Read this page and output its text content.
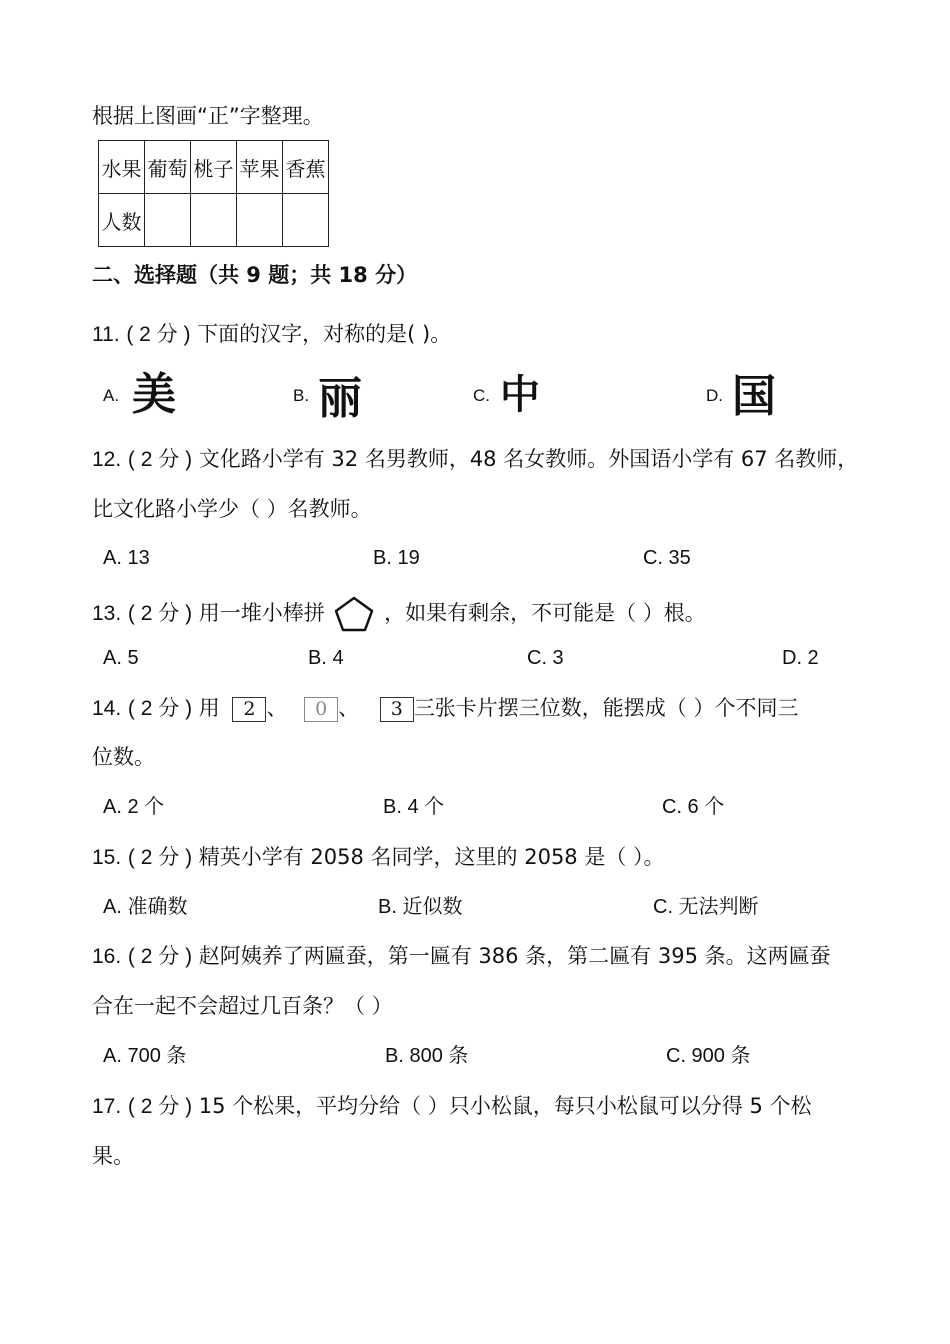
根据上图画“正”字整理。
水果	葡萄	桃子	苹果	香蕉
人数				
二、选择题（共 9 题；共 18 分）
11. ( 2 分 ) 下面的汉字，对称的是( )。
A. 美	B. 丽	C. 中	D. 国
12. ( 2 分 ) 文化路小学有 32 名男教师，48 名女教师。外国语小学有 67 名教师，
比文化路小学少（ ）名教师。
A. 13	B. 19	C. 35
13. ( 2 分 ) 用一堆小棒拼	，如果有剩余，不可能是（ ）根。
A. 5	B. 4	C. 3	D. 2
14. ( 2 分 ) 用 2 、 0 、 3 三张卡片摆三位数，能摆成（ ）个不同三
位数。
A. 2 个	B. 4 个	C. 6 个
15. ( 2 分 ) 精英小学有 2058 名同学，这里的 2058 是（ ）。
A. 准确数	B. 近似数	C. 无法判断
16. ( 2 分 ) 赵阿姨养了两匾蚕，第一匾有 386 条，第二匾有 395 条。这两匾蚕
合在一起不会超过几百条？（ ）
A. 700 条	B. 800 条	C. 900 条
17. ( 2 分 ) 15 个松果，平均分给（ ）只小松鼠，每只小松鼠可以分得 5 个松
果。
